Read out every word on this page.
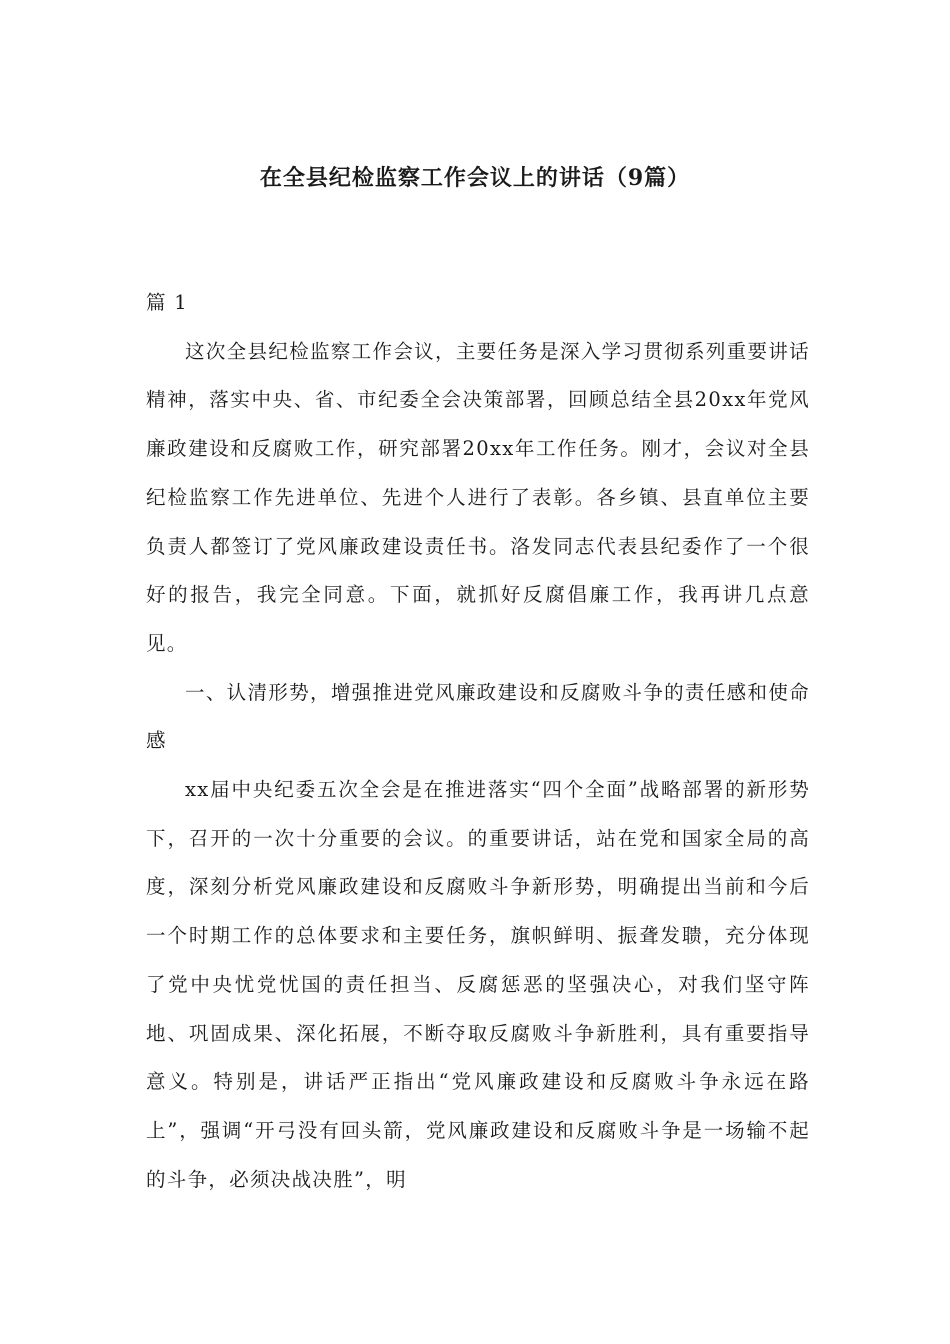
在全县纪检监察工作会议上的讲话（9篇）

篇 1

这次全县纪检监察工作会议，主要任务是深入学习贯彻系列重要讲话精神，落实中央、省、市纪委全会决策部署，回顾总结全县20xx年党风廉政建设和反腐败工作，研究部署20xx年工作任务。刚才，会议对全县纪检监察工作先进单位、先进个人进行了表彰。各乡镇、县直单位主要负责人都签订了党风廉政建设责任书。洛发同志代表县纪委作了一个很好的报告，我完全同意。下面，就抓好反腐倡廉工作，我再讲几点意见。

一、认清形势，增强推进党风廉政建设和反腐败斗争的责任感和使命感

xx届中央纪委五次全会是在推进落实“四个全面”战略部署的新形势下，召开的一次十分重要的会议。的重要讲话，站在党和国家全局的高度，深刻分析党风廉政建设和反腐败斗争新形势，明确提出当前和今后一个时期工作的总体要求和主要任务，旗帜鲜明、振聋发聩，充分体现了党中央忧党忧国的责任担当、反腐惩恶的坚强决心，对我们坚守阵地、巩固成果、深化拓展，不断夺取反腐败斗争新胜利，具有重要指导意义。特别是，讲话严正指出“党风廉政建设和反腐败斗争永远在路上”，强调“开弓没有回头箭，党风廉政建设和反腐败斗争是一场输不起的斗争，必须决战决胜”，明
